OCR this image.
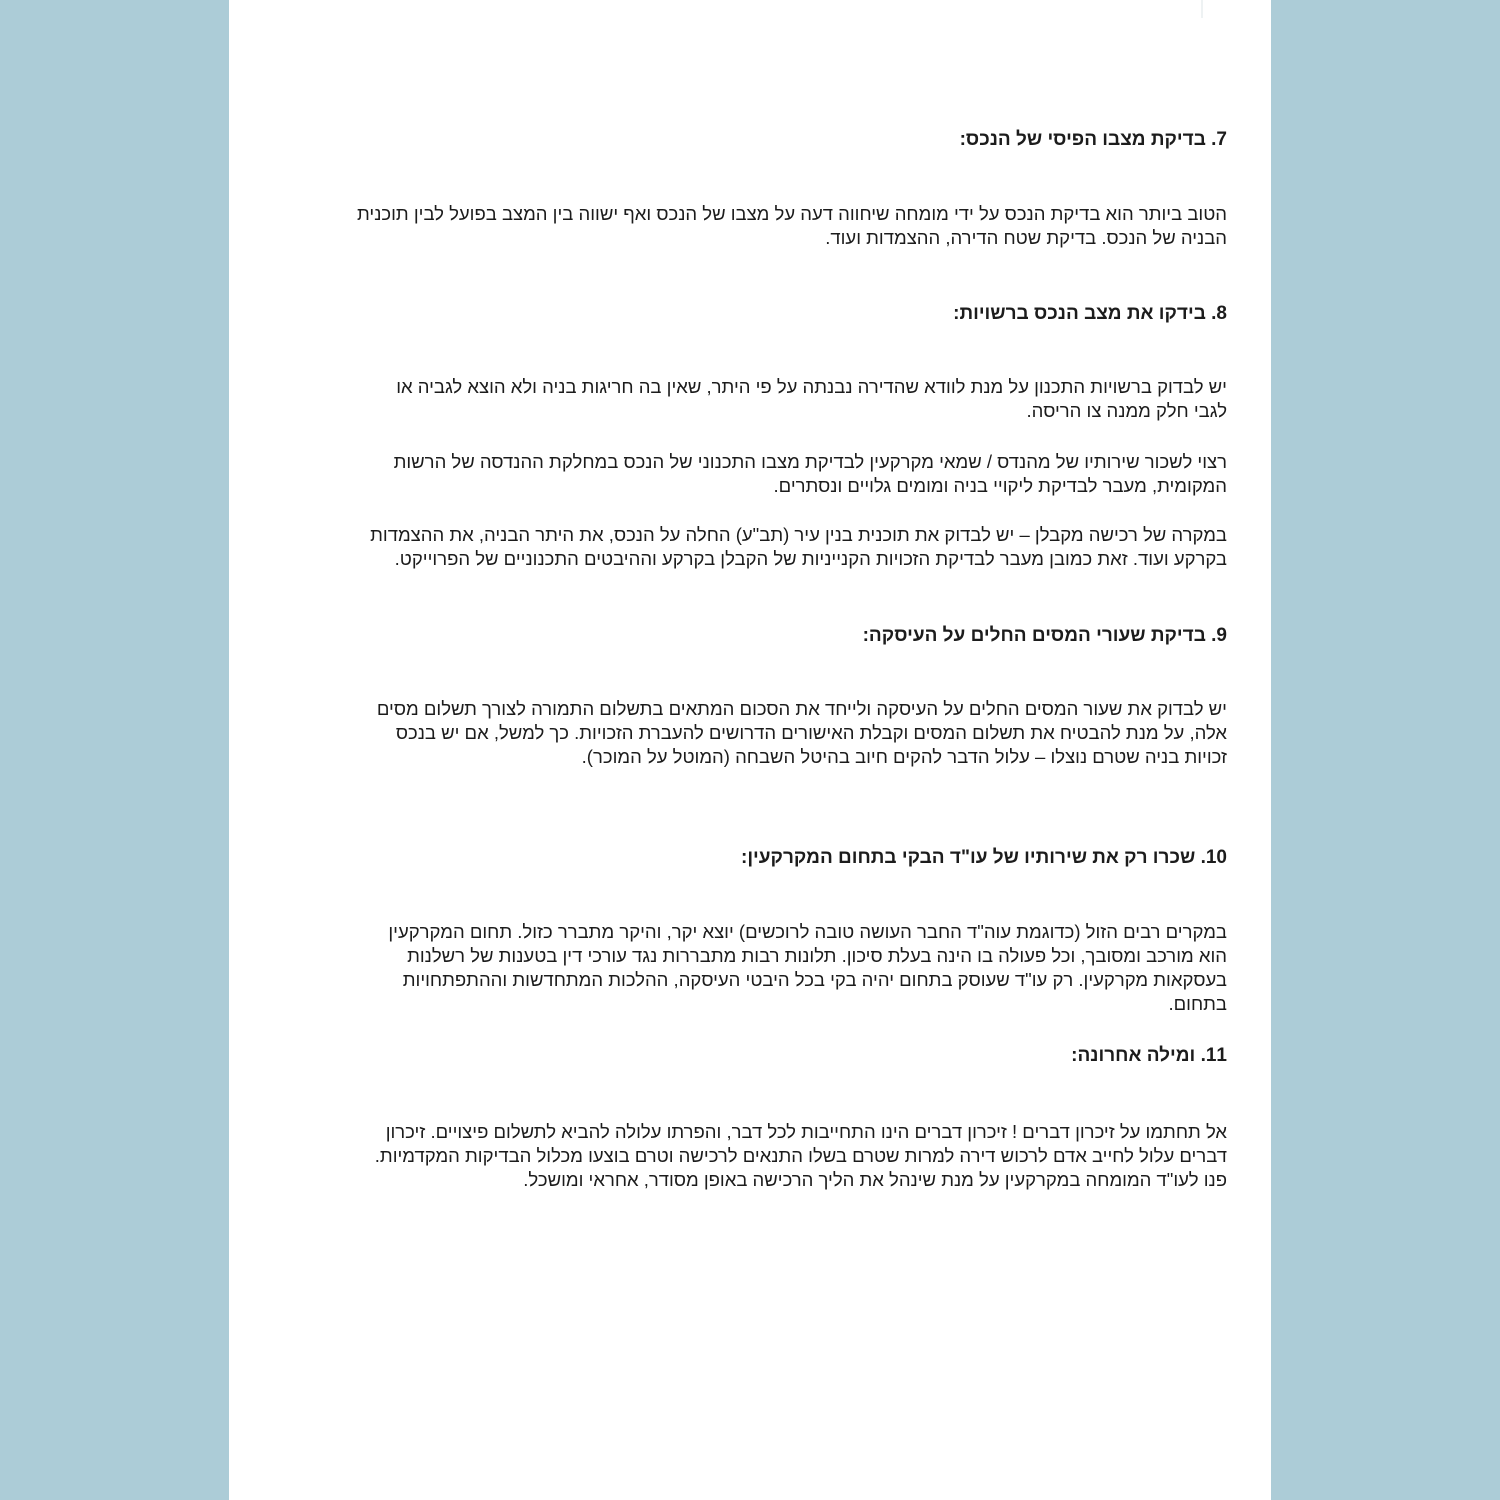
7. בדיקת מצבו הפיסי של הנכס:

הטוב ביותר הוא בדיקת הנכס על ידי מומחה שיחווה דעה על מצבו של הנכס ואף ישווה בין המצב בפועל לבין תוכנית
הבניה של הנכס. בדיקת שטח הדירה, ההצמדות ועוד.

8. בידקו את מצב הנכס ברשויות:

יש לבדוק ברשויות התכנון על מנת לוודא שהדירה נבנתה על פי היתר, שאין בה חריגות בניה ולא הוצא לגביה או
לגבי חלק ממנה צו הריסה.

רצוי לשכור שירותיו של מהנדס / שמאי מקרקעין לבדיקת מצבו התכנוני של הנכס במחלקת ההנדסה של הרשות
המקומית, מעבר לבדיקת ליקויי בניה ומומים גלויים ונסתרים.

במקרה של רכישה מקבלן – יש לבדוק את תוכנית בנין עיר (תב"ע) החלה על הנכס, את היתר הבניה, את ההצמדות
בקרקע ועוד. זאת כמובן מעבר לבדיקת הזכויות הקנייניות של הקבלן בקרקע וההיבטים התכנוניים של הפרוייקט.

9. בדיקת שעורי המסים החלים על העיסקה:

יש לבדוק את שעור המסים החלים על העיסקה ולייחד את הסכום המתאים בתשלום התמורה לצורך תשלום מסים
אלה, על מנת להבטיח את תשלום המסים וקבלת האישורים הדרושים להעברת הזכויות. כך למשל, אם יש בנכס
זכויות בניה שטרם נוצלו – עלול הדבר להקים חיוב בהיטל השבחה (המוטל על המוכר).

10. שכרו רק את שירותיו של עו"ד הבקי בתחום המקרקעין:

במקרים רבים הזול (כדוגמת עוה"ד החבר העושה טובה לרוכשים) יוצא יקר, והיקר מתברר כזול. תחום המקרקעין
הוא מורכב ומסובך, וכל פעולה בו הינה בעלת סיכון. תלונות רבות מתבררות נגד עורכי דין בטענות של רשלנות
בעסקאות מקרקעין. רק עו"ד שעוסק בתחום יהיה בקי בכל היבטי העיסקה, ההלכות המתחדשות וההתפתחויות
בתחום.

11. ומילה אחרונה:

אל תחתמו על זיכרון דברים ! זיכרון דברים הינו התחייבות לכל דבר, והפרתו עלולה להביא לתשלום פיצויים. זיכרון
דברים עלול לחייב אדם לרכוש דירה למרות שטרם בשלו התנאים לרכישה וטרם בוצעו מכלול הבדיקות המקדמיות.
פנו לעו"ד המומחה במקרקעין על מנת שינהל את הליך הרכישה באופן מסודר, אחראי ומושכל.
